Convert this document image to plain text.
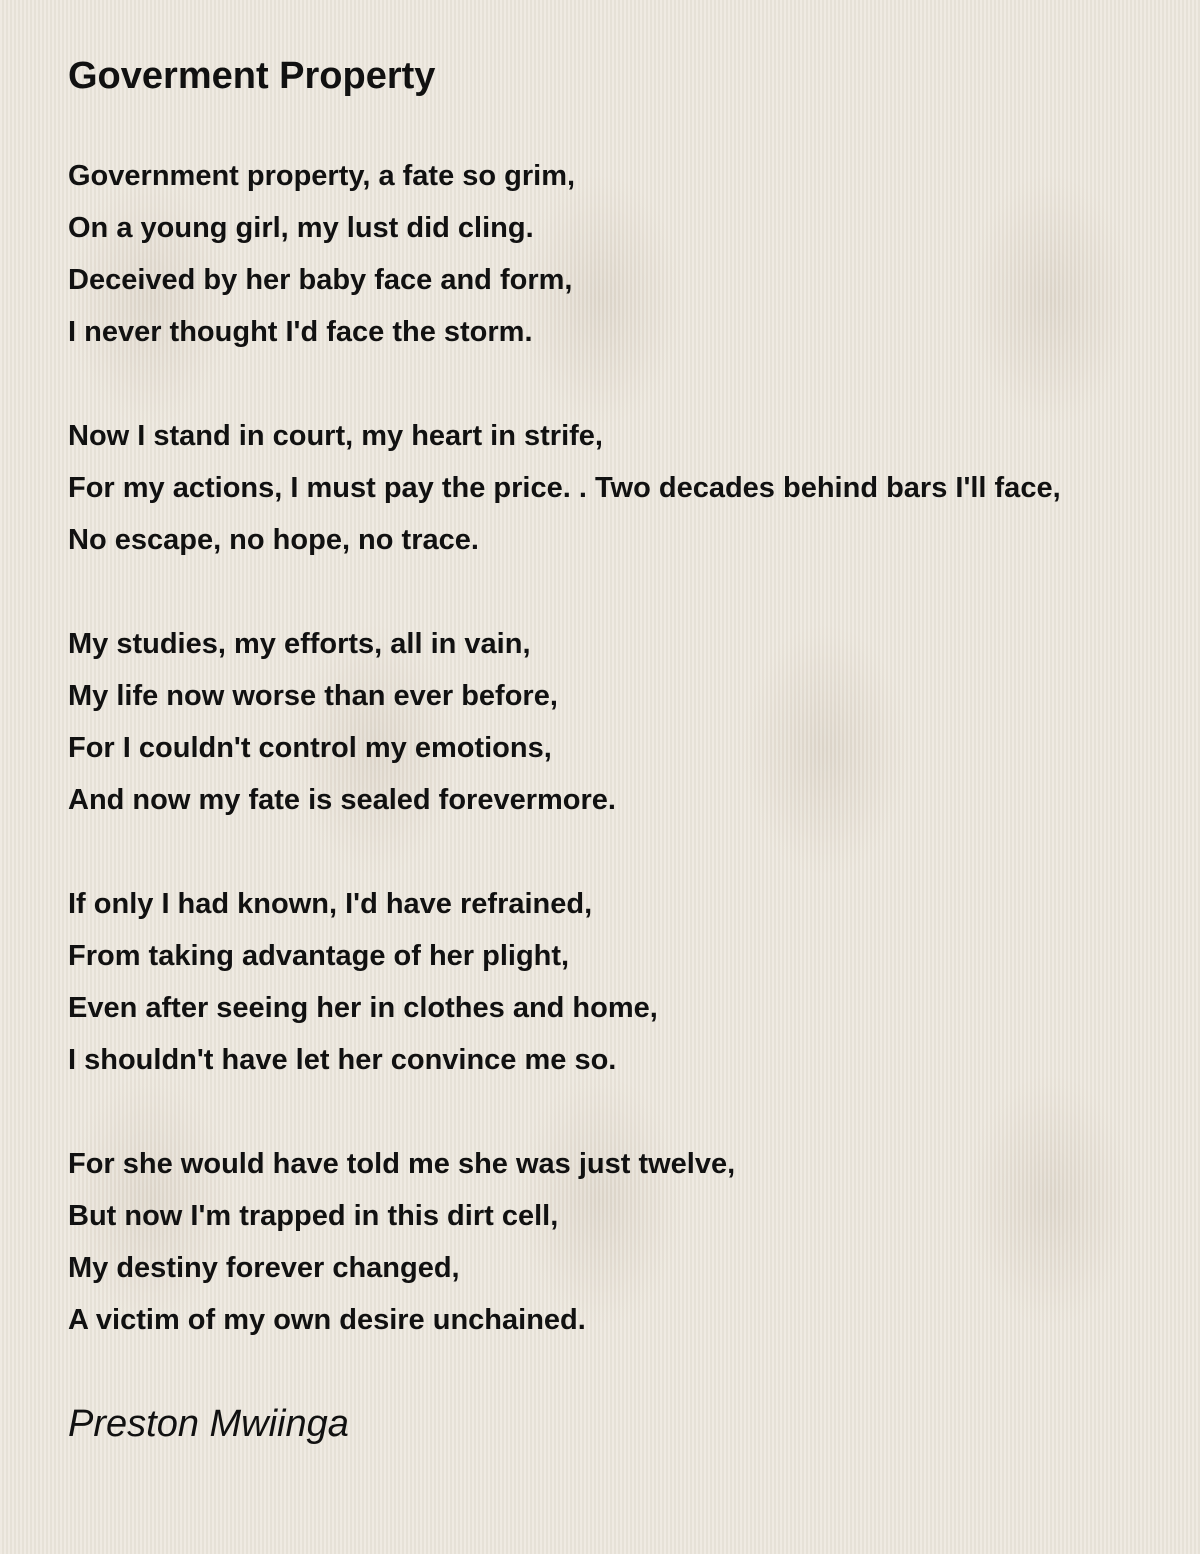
Goverment Property
Government property, a fate so grim,
On a young girl, my lust did cling.
Deceived by her baby face and form,
I never thought I'd face the storm.
Now I stand in court, my heart in strife,
For my actions, I must pay the price. . Two decades behind bars I'll face,
No escape, no hope, no trace.
My studies, my efforts, all in vain,
My life now worse than ever before,
For I couldn't control my emotions,
And now my fate is sealed forevermore.
If only I had known, I'd have refrained,
From taking advantage of her plight,
Even after seeing her in clothes and home,
I shouldn't have let her convince me so.
For she would have told me she was just twelve,
But now I'm trapped in this dirt cell,
My destiny forever changed,
A victim of my own desire unchained.
Preston Mwiinga
